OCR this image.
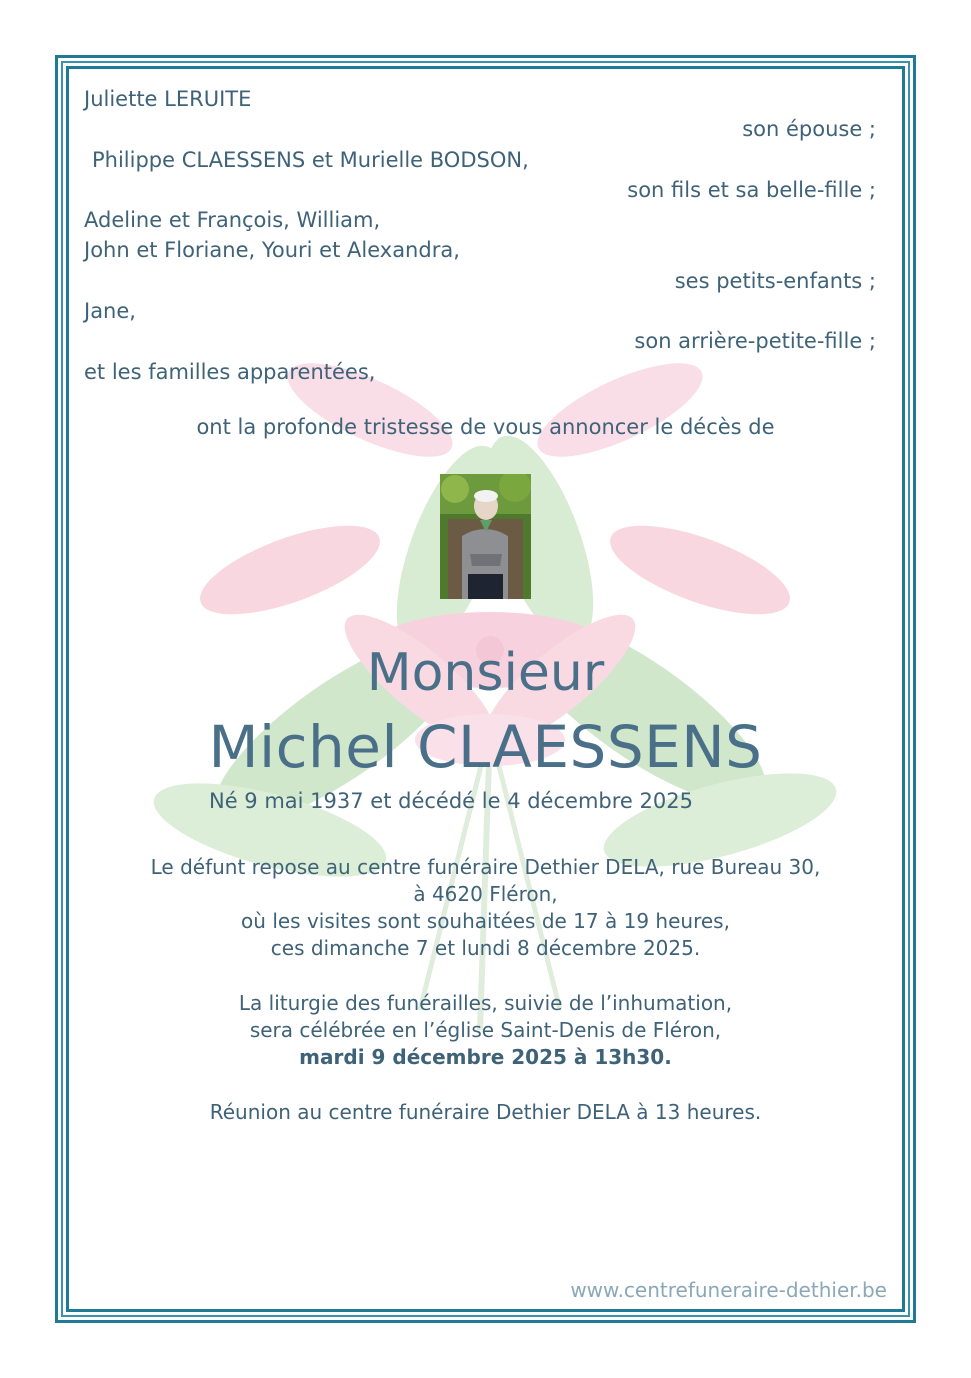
Juliette LERUITE

son épouse ;

Philippe CLAESSENS et Murielle BODSON,

son fils et sa belle-fille ;

Adeline et François, William,

John et Floriane, Youri et Alexandra,

ses petits-enfants ;

Jane,

son arrière-petite-fille ;

et les familles apparentées,

ont la profonde tristesse de vous annoncer le décès de

Monsieur
Michel CLAESSENS

Né 9 mai 1937 et décédé le 4 décembre 2025

Le défunt repose au centre funéraire Dethier DELA, rue Bureau 30,

à 4620 Fléron,

où les visites sont souhaitées de 17 à 19 heures,

ces dimanche 7 et lundi 8 décembre 2025.

La liturgie des funérailles, suivie de l’inhumation,

sera célébrée en l’église Saint-Denis de Fléron,

mardi 9 décembre 2025 à 13h30.

Réunion au centre funéraire Dethier DELA à 13 heures.

www.centrefuneraire-dethier.be
